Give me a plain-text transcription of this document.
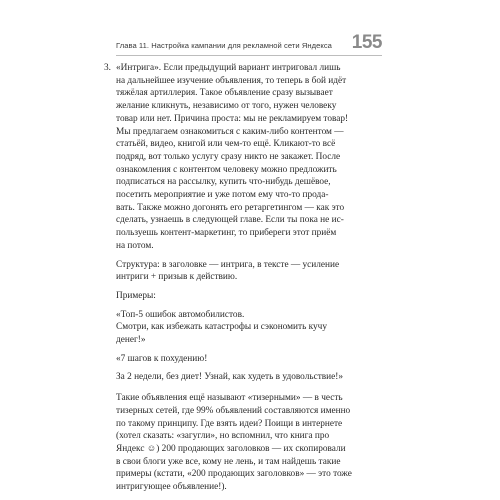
Глава 11. Настройка кампании для рекламной сети Яндекса 155
3. «Интрига». Если предыдущий вариант интриговал лишь
на дальнейшее изучение объявления, то теперь в бой идёт
тяжёлая артиллерия. Такое объявление сразу вызывает
желание кликнуть, независимо от того, нужен человеку
товар или нет. Причина проста: мы не рекламируем товар!
Мы предлагаем ознакомиться с каким-либо контентом —
статьёй, видео, книгой или чем-то ещё. Кликают-то всё
подряд, вот только услугу сразу никто не закажет. После
ознакомления с контентом человеку можно предложить
подписаться на рассылку, купить что-нибудь дешёвое,
посетить мероприятие и уже потом ему что-то прода-
вать. Также можно догонять его ретаргетингом — как это
сделать, узнаешь в следующей главе. Если ты пока не ис-
пользуешь контент-маркетинг, то прибереги этот приём
на потом.

Структура: в заголовке — интрига, в тексте — усиление
интриги + призыв к действию.

Примеры:

«Топ-5 ошибок автомобилистов.
Смотри, как избежать катастрофы и сэкономить кучу
денег!»

«7 шагов к похудению!
За 2 недели, без диет! Узнай, как худеть в удовольствие!»

Такие объявления ещё называют «тизерными» — в честь
тизерных сетей, где 99% объявлений составляются именно
по такому принципу. Где взять идеи? Поищи в интернете
(хотел сказать: «загугли», но вспомнил, что книга про
Яндекс ☺) 200 продающих заголовков — их скопировали
в свои блоги уже все, кому не лень, и там найдешь такие
примеры (кстати, «200 продающих заголовков» — это тоже
интригующее объявление!).
